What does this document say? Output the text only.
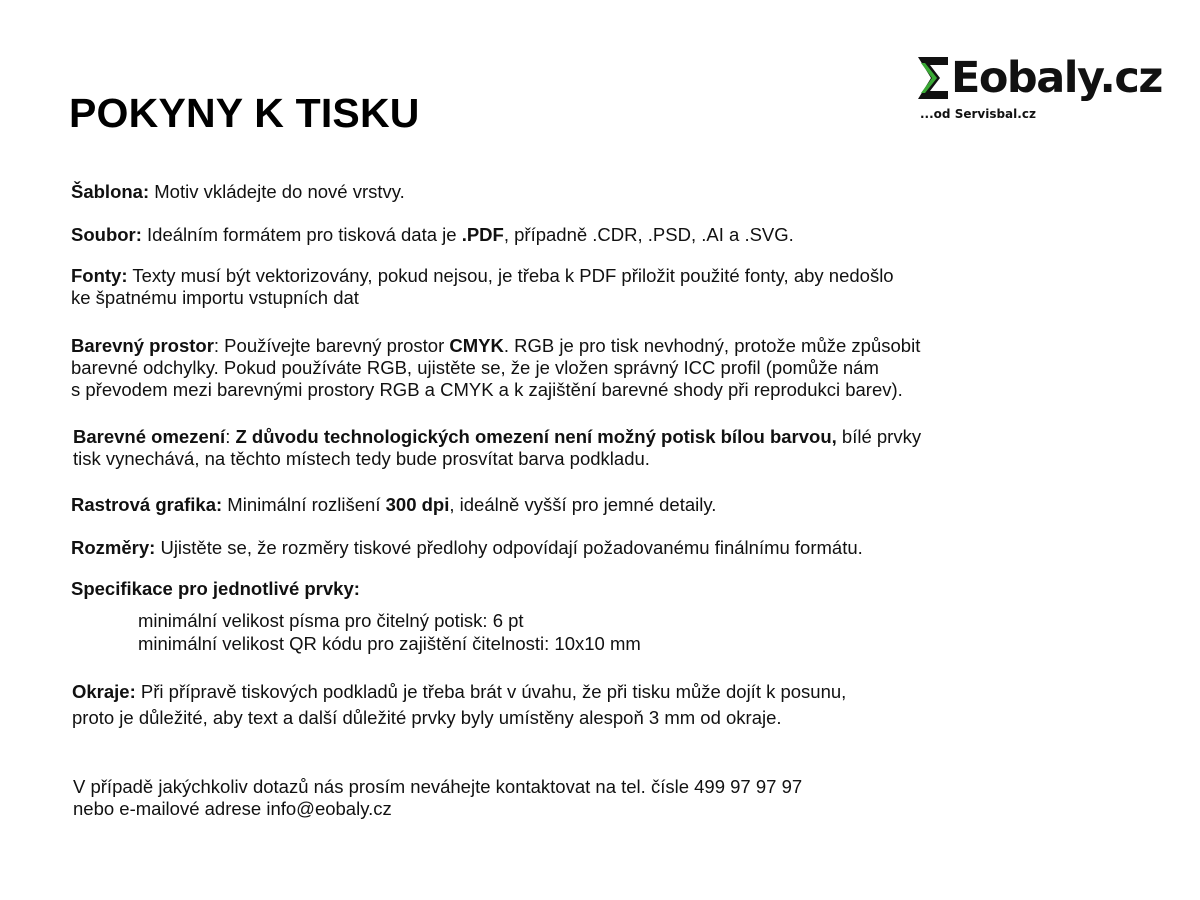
POKYNY K TISKU
Eobaly.cz
...od Servisbal.cz

Šablona: Motiv vkládejte do nové vrstvy.

Soubor: Ideálním formátem pro tisková data je .PDF, případně .CDR, .PSD, .AI a .SVG.

Fonty: Texty musí být vektorizovány, pokud nejsou, je třeba k PDF přiložit použité fonty, aby nedošlo
ke špatnému importu vstupních dat

Barevný prostor: Používejte barevný prostor CMYK. RGB je pro tisk nevhodný, protože může způsobit
barevné odchylky. Pokud používáte RGB, ujistěte se, že je vložen správný ICC profil (pomůže nám
s převodem mezi barevnými prostory RGB a CMYK a k zajištění barevné shody při reprodukci barev).

Barevné omezení: Z důvodu technologických omezení není možný potisk bílou barvou, bílé prvky
tisk vynechává, na těchto místech tedy bude prosvítat barva podkladu.

Rastrová grafika: Minimální rozlišení 300 dpi, ideálně vyšší pro jemné detaily.

Rozměry: Ujistěte se, že rozměry tiskové předlohy odpovídají požadovanému finálnímu formátu.

Specifikace pro jednotlivé prvky:

minimální velikost písma pro čitelný potisk: 6 pt

minimální velikost QR kódu pro zajištění čitelnosti: 10x10 mm

Okraje: Při přípravě tiskových podkladů je třeba brát v úvahu, že při tisku může dojít k posunu,
proto je důležité, aby text a další důležité prvky byly umístěny alespoň 3 mm od okraje.

V případě jakýchkoliv dotazů nás prosím neváhejte kontaktovat na tel. čísle 499 97 97 97
nebo e-mailové adrese info@eobaly.cz
